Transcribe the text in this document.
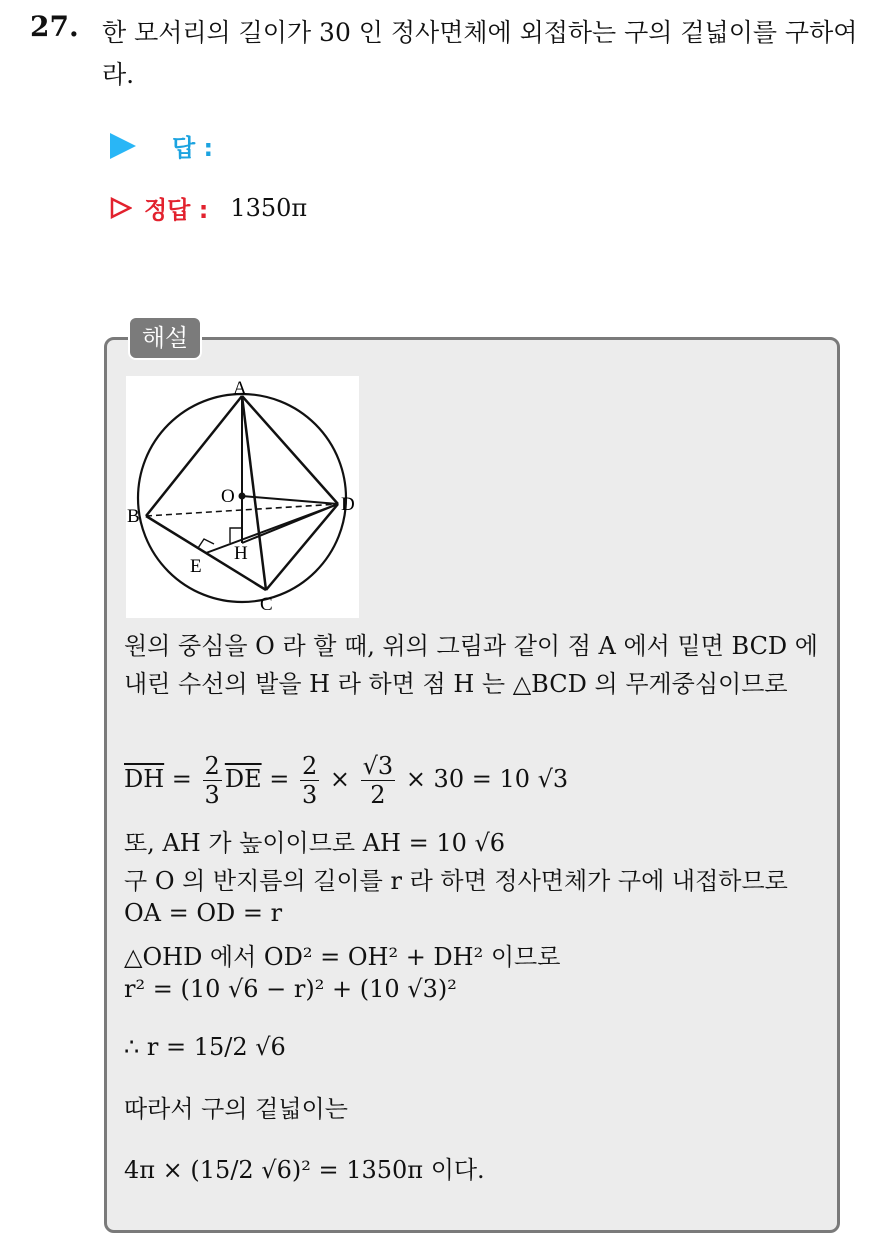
27. 한 모서리의 길이가 30 인 정사면체에 외접하는 구의 겉넓이를 구하여라.
답 :
정답 : 1350π
해설
A
B
C
D
O
H
E
원의 중심을 O 라 할 때, 위의 그림과 같이 점 A 에서 밑면 BCD 에 내린 수선의 발을 H 라 하면 점 H 는 △BCD 의 무게중심이므로
$\overline{DH} = \frac{2}{3} \overline{DE} = \frac{2}{3} \times \frac{√3}{2} \times 30 = 10$ √3
또, AH 가 높이이므로 AH = 10 √6
구 O 의 반지름의 길이를 r 라 하면 정사면체가 구에 내접하므로
OA = OD = r
△OHD 에서 OD² = OH² + DH² 이므로
r² = (10 √6 − r)² + (10 √3)²
∴ r = 15/2 √6
따라서 구의 겉넓이는
4π × (15/2 √6)² = 1350π 이다.
